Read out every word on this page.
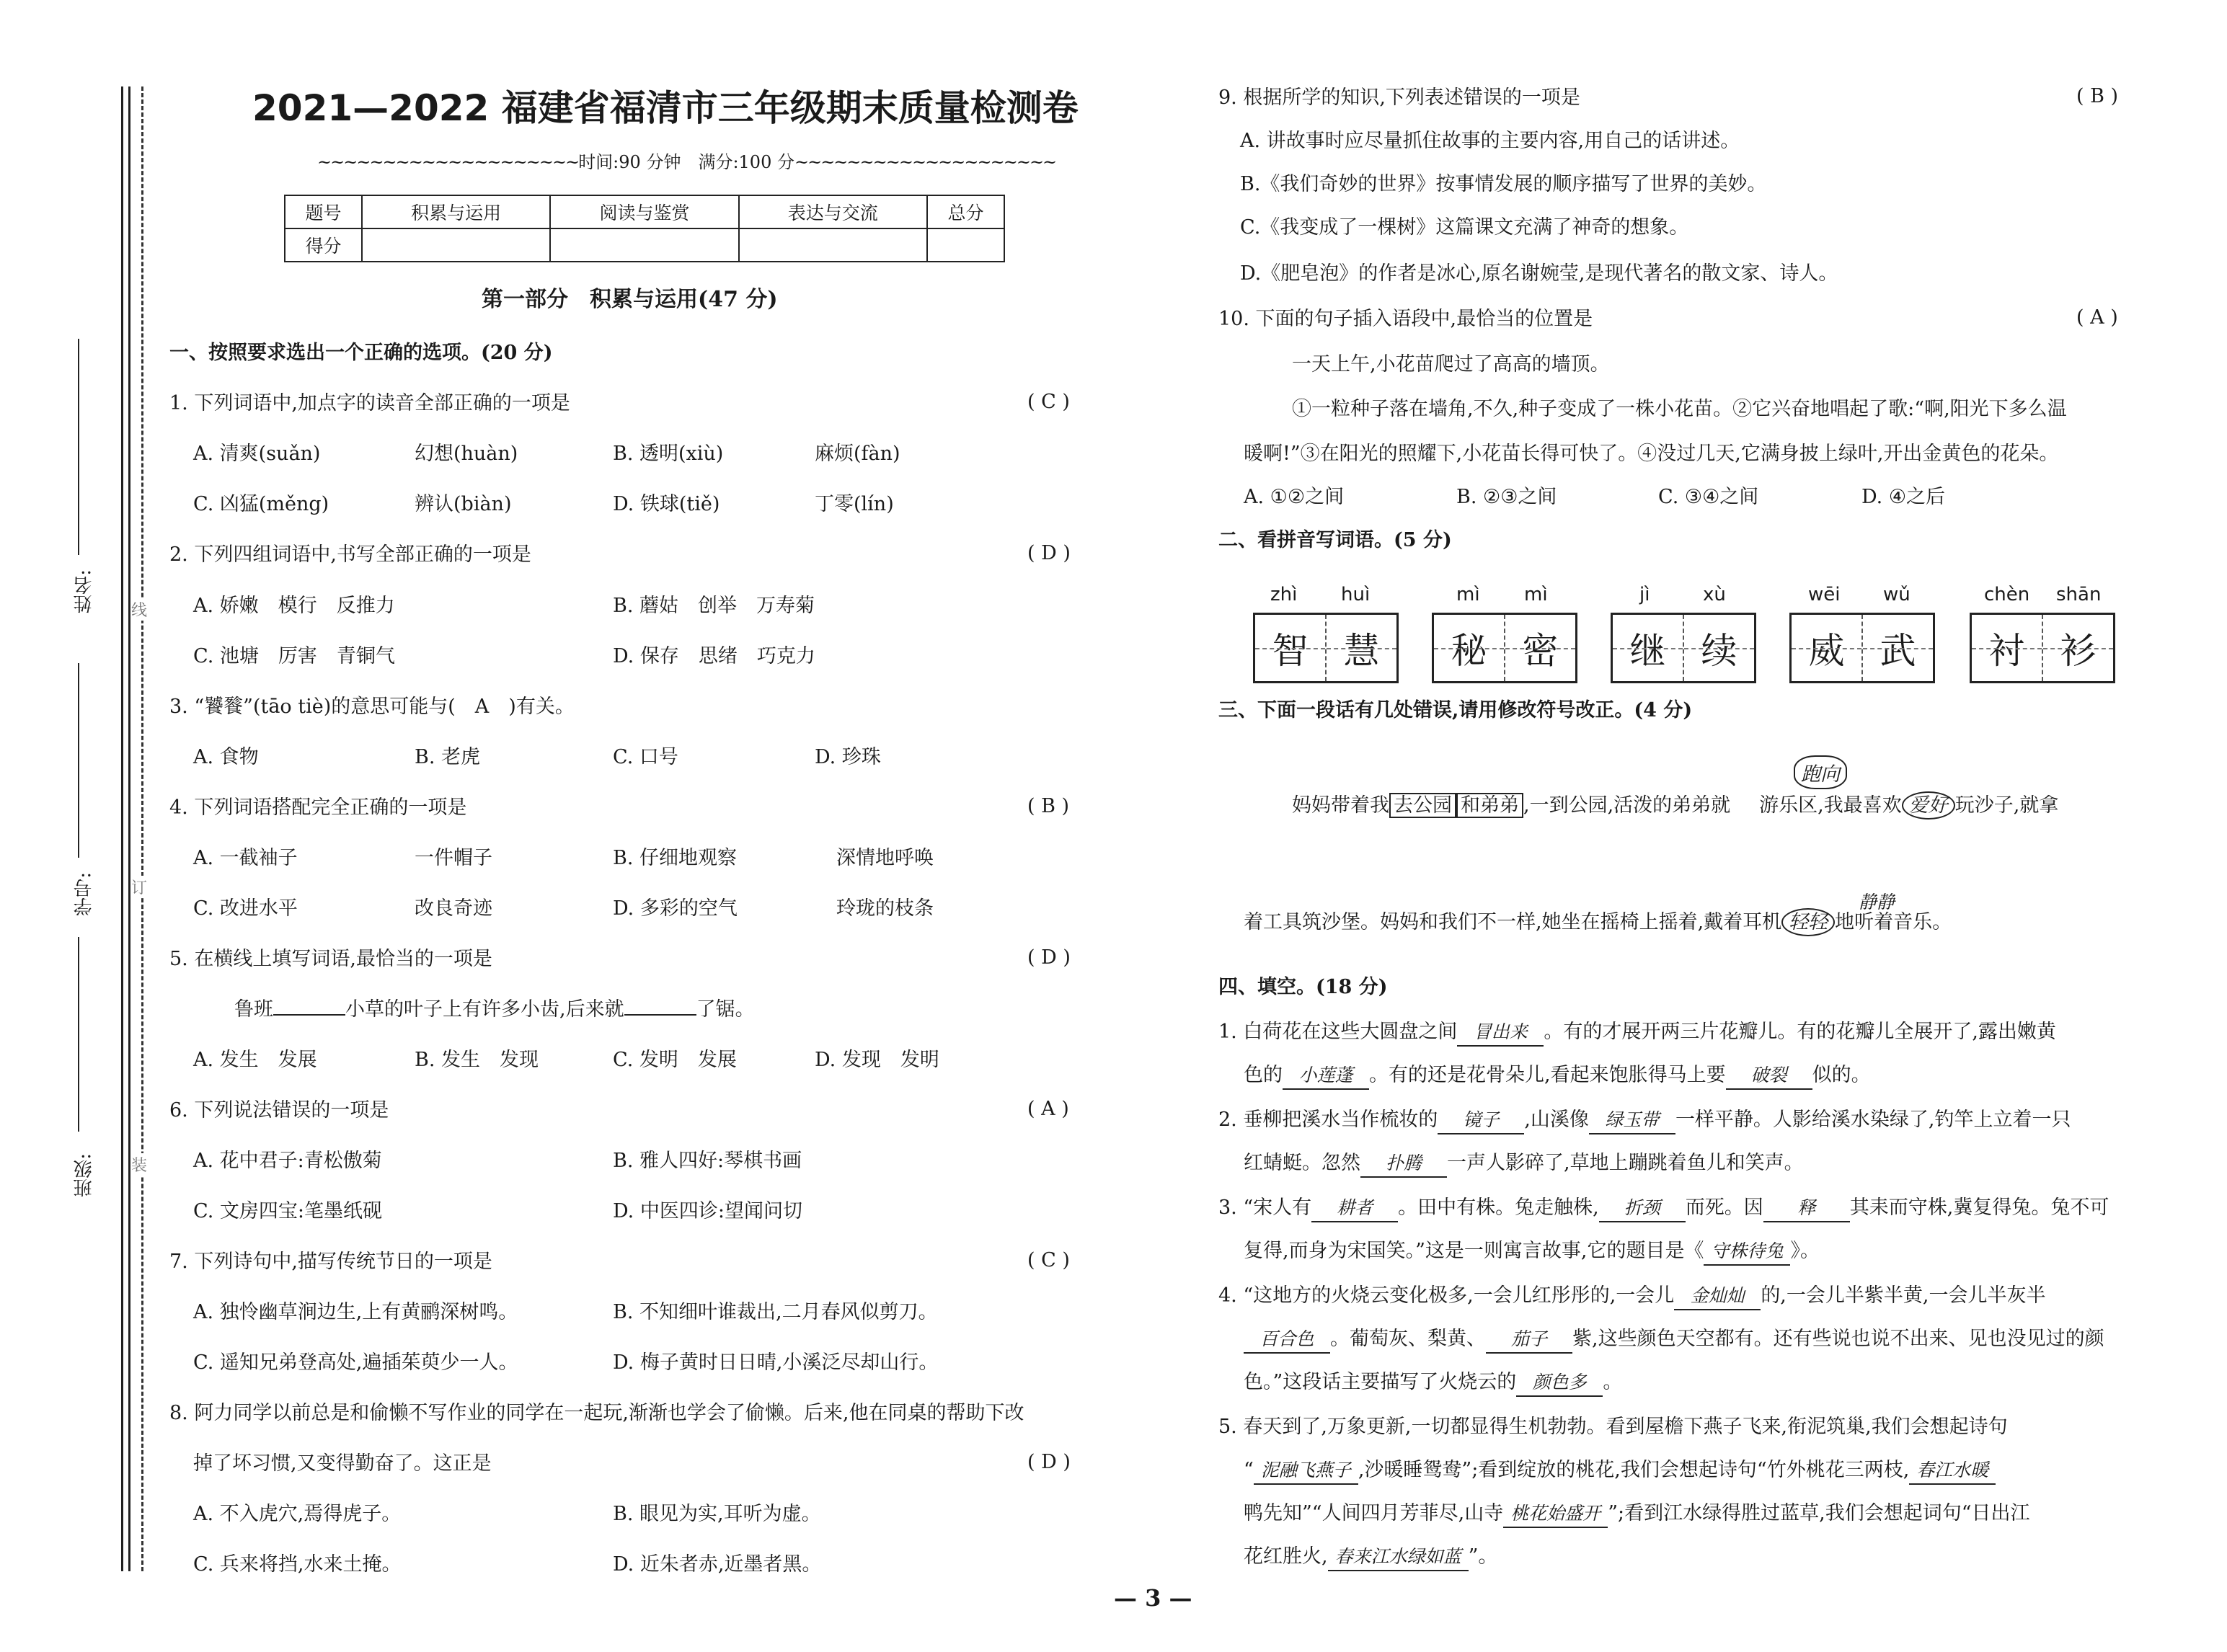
姓名:
学号:
班级:
线
订
装
2021—2022 福建省福清市三年级期末质量检测卷
~~~~~~~~~~~~~~~~~~~~时间:90 分钟　满分:100 分~~~~~~~~~~~~~~~~~~~~
题号	积累与运用	阅读与鉴赏	表达与交流	总分
得分				
第一部分　积累与运用(47 分)
一、按照要求选出一个正确的选项。(20 分)
1. 下列词语中,加点字的读音全部正确的一项是	( C )
A. 清爽(suǎn)	幻想(huàn)	B. 透明(xiù)	麻烦(fàn)
C. 凶猛(měng)	辨认(biàn)	D. 铁球(tiě)	丁零(lín)
2. 下列四组词语中,书写全部正确的一项是	( D )
A. 娇嫩　模行　反推力	B. 蘑姑　创举　万寿菊
C. 池塘　厉害　青铜气	D. 保存　思绪　巧克力
3. “饕餮”(tāo tiè)的意思可能与(　A　)有关。
A. 食物	B. 老虎	C. 口号	D. 珍珠
4. 下列词语搭配完全正确的一项是	( B )
A. 一截袖子	一件帽子	B. 仔细地观察	深情地呼唤
C. 改进水平	改良奇迹	D. 多彩的空气	玲珑的枝条
5. 在横线上填写词语,最恰当的一项是	( D )
鲁班	小草的叶子上有许多小齿,后来就	了锯。
A. 发生　发展	B. 发生　发现	C. 发明　发展	D. 发现　发明
6. 下列说法错误的一项是	( A )
A. 花中君子:青松傲菊	B. 雅人四好:琴棋书画
C. 文房四宝:笔墨纸砚	D. 中医四诊:望闻问切
7. 下列诗句中,描写传统节日的一项是	( C )
A. 独怜幽草涧边生,上有黄鹂深树鸣。	B. 不知细叶谁裁出,二月春风似剪刀。
C. 遥知兄弟登高处,遍插茱萸少一人。	D. 梅子黄时日日晴,小溪泛尽却山行。
8. 阿力同学以前总是和偷懒不写作业的同学在一起玩,渐渐也学会了偷懒。后来,他在同桌的帮助下改
掉了坏习惯,又变得勤奋了。这正是	( D )
A. 不入虎穴,焉得虎子。	B. 眼见为实,耳听为虚。
C. 兵来将挡,水来土掩。	D. 近朱者赤,近墨者黑。
9. 根据所学的知识,下列表述错误的一项是	( B )
A. 讲故事时应尽量抓住故事的主要内容,用自己的话讲述。
B.《我们奇妙的世界》按事情发展的顺序描写了世界的美妙。
C.《我变成了一棵树》这篇课文充满了神奇的想象。
D.《肥皂泡》的作者是冰心,原名谢婉莹,是现代著名的散文家、诗人。
10. 下面的句子插入语段中,最恰当的位置是	( A )
一天上午,小花苗爬过了高高的墙顶。
①一粒种子落在墙角,不久,种子变成了一株小花苗。②它兴奋地唱起了歌:“啊,阳光下多么温
暖啊!”③在阳光的照耀下,小花苗长得可快了。④没过几天,它满身披上绿叶,开出金黄色的花朵。
A. ①②之间	B. ②③之间	C. ③④之间	D. ④之后
二、看拼音写词语。(5 分)
zhì huì
智 慧
mì mì
秘 密
jì	xù
继 续
wēi wǔ
威 武
chèn shān
衬 衫
三、下面一段话有几处错误,请用修改符号改正。(4 分)
跑向
妈妈带着我 去公园 和弟弟 ,一到公园,活泼的弟弟就 游乐区,我最喜欢 爱好 玩沙子,就拿
静静
着工具筑沙堡。妈妈和我们不一样,她坐在摇椅上摇着,戴着耳机 轻轻 地听着音乐。
四、填空。(18 分)
1. 白荷花在这些大圆盘之间 冒出来 。有的才展开两三片花瓣儿。有的花瓣儿全展开了,露出嫩黄
色的 小莲蓬 。有的还是花骨朵儿,看起来饱胀得马上要 破裂 似的。
2. 垂柳把溪水当作梳妆的 镜子 ,山溪像 绿玉带 一样平静。人影给溪水染绿了,钓竿上立着一只
红蜻蜓。忽然 扑腾 一声人影碎了,草地上蹦跳着鱼儿和笑声。
3. “宋人有 耕者 。田中有株。兔走触株, 折颈 而死。因 释 其耒而守株,冀复得兔。兔不可
复得,而身为宋国笑。”这是一则寓言故事,它的题目是《 守株待兔 》。
4. “这地方的火烧云变化极多,一会儿红彤彤的,一会儿 金灿灿 的,一会儿半紫半黄,一会儿半灰半
百合色 。葡萄灰、梨黄、 茄子 紫,这些颜色天空都有。还有些说也说不出来、见也没见过的颜
色。”这段话主要描写了火烧云的 颜色多 。
5. 春天到了,万象更新,一切都显得生机勃勃。看到屋檐下燕子飞来,衔泥筑巢,我们会想起诗句
“ 泥融飞燕子 ,沙暖睡鸳鸯”;看到绽放的桃花,我们会想起诗句“竹外桃花三两枝, 春江水暖
鸭先知”“人间四月芳菲尽,山寺 桃花始盛开 ”;看到江水绿得胜过蓝草,我们会想起词句“日出江
花红胜火, 春来江水绿如蓝 ”。
— 3 —
